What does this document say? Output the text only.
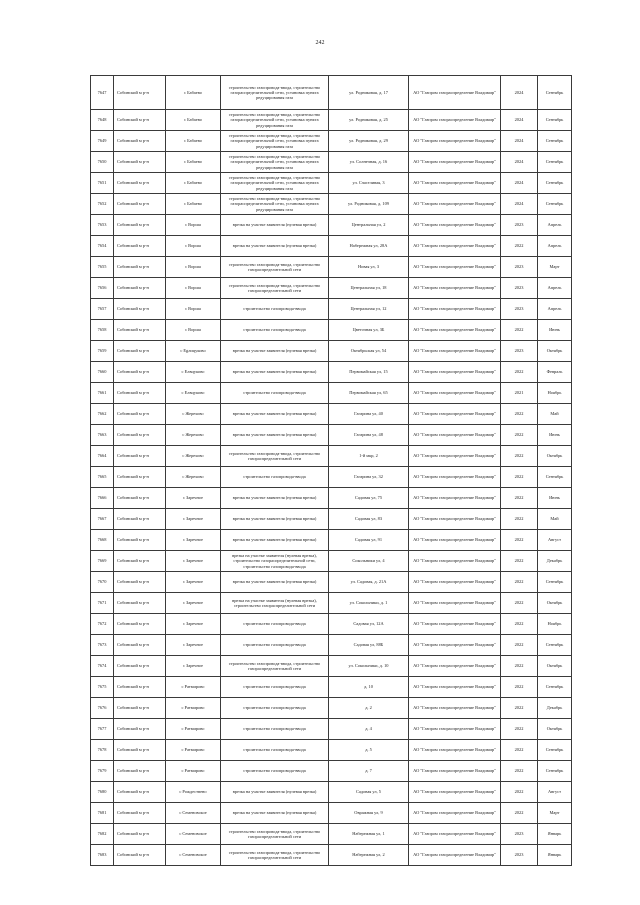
242
7647	Собинский м р-н	с Бабаево	строительство газопровода-ввода, строительство газораспределительной сети, установка пункта редуцирования газа	ул. Родниковая, д. 17	АО "Газпром газораспределение Владимир"	2024	Сентябрь
7648	Собинский м р-н	с Бабаево	строительство газопровода-ввода, строительство газораспределительной сети, установка пункта редуцирования газа	ул. Родниковая, д. 25	АО "Газпром газораспределение Владимир"	2024	Сентябрь
7649	Собинский м р-н	с Бабаево	строительство газопровода-ввода, строительство газораспределительной сети, установка пункта редуцирования газа	ул. Родниковая, д. 29	АО "Газпром газораспределение Владимир"	2024	Сентябрь
7650	Собинский м р-н	с Бабаево	строительство газопровода-ввода, строительство газораспределительной сети, установка пункта редуцирования газа	ул. Солнечная, д. 16	АО "Газпром газораспределение Владимир"	2024	Сентябрь
7651	Собинский м р-н	с Бабаево	строительство газопровода-ввода, строительство газораспределительной сети, установка пункта редуцирования газа	ул. Счастливая, 3	АО "Газпром газораспределение Владимир"	2024	Сентябрь
7652	Собинский м р-н	с Бабаево	строительство газопровода-ввода, строительство газораспределительной сети, установка пункта редуцирования газа	ул. Родниковая, д. 109	АО "Газпром газораспределение Владимир"	2024	Сентябрь
7653	Собинский м р-н	с Ворша	врезка на участке заявителя (нулевая врезка)	Центральная ул, 2	АО "Газпром газораспределение Владимир"	2023	Апрель
7654	Собинский м р-н	с Ворша	врезка на участке заявителя (нулевая врезка)	Набережная ул, 28А	АО "Газпром газораспределение Владимир"	2022	Апрель
7655	Собинский м р-н	с Ворша	строительство газопровода-ввода, строительство газораспределительной сети	Новая ул, 3	АО "Газпром газораспределение Владимир"	2023	Март
7656	Собинский м р-н	с Ворша	строительство газопровода-ввода, строительство газораспределительной сети	Центральная ул, 18	АО "Газпром газораспределение Владимир"	2023	Апрель
7657	Собинский м р-н	с Ворша	строительство газопровода-ввода	Центральная ул, 12	АО "Газпром газораспределение Владимир"	2023	Апрель
7658	Собинский м р-н	с Ворша	строительство газопровода-ввода	Цветочная ул, 3Б	АО "Газпром газораспределение Владимир"	2022	Июнь
7659	Собинский м р-н	с Egлицуково	врезка на участке заявителя (нулевая врезка)	Октябрьская ул, 54	АО "Газпром газораспределение Владимир"	2023	Октябрь
7660	Собинский м р-н	с Елвцуково	врезка на участке заявителя (нулевая врезка)	Первомайская ул, 15	АО "Газпром газораспределение Владимир"	2022	Февраль
7661	Собинский м р-н	с Елвцуково	строительство газопровода-ввода	Первомайская ул, 65	АО "Газпром газораспределение Владимир"	2021	Ноябрь
7662	Собинский м р-н	с Жерехово	врезка на участке заявителя (нулевая врезка)	Гагарина ул, 40	АО "Газпром газораспределение Владимир"	2022	Май
7663	Собинский м р-н	с Жерехово	врезка на участке заявителя (нулевая врезка)	Гагарина ул, 48	АО "Газпром газораспределение Владимир"	2022	Июнь
7664	Собинский м р-н	с Жерехово	строительство газопровода-ввода, строительство газораспределительной сети	1-й мкр, 2	АО "Газпром газораспределение Владимир"	2022	Октябрь
7665	Собинский м р-н	с Жерехово	строительство газопровода-ввода	Гагарина ул, 32	АО "Газпром газораспределение Владимир"	2022	Сентябрь
7666	Собинский м р-н	с Заречное	врезка на участке заявителя (нулевая врезка)	Садовая ул, 75	АО "Газпром газораспределение Владимир"	2022	Июнь
7667	Собинский м р-н	с Заречное	врезка на участке заявителя (нулевая врезка)	Садовая ул, 83	АО "Газпром газораспределение Владимир"	2022	Май
7668	Собинский м р-н	с Заречное	врезка на участке заявителя (нулевая врезка)	Садовая ул, 91	АО "Газпром газораспределение Владимир"	2022	Август
7669	Собинский м р-н	с Заречное	врезка на участке заявителя (нулевая врезка), строительство газораспределительной сети, строительство газопровода-ввода	Сокольники ул, 4	АО "Газпром газораспределение Владимир"	2022	Декабрь
7670	Собинский м р-н	с Заречное	врезка на участке заявителя (нулевая врезка)	ул. Садовая, д. 21А	АО "Газпром газораспределение Владимир"	2022	Сентябрь
7671	Собинский м р-н	с Заречное	врезка на участке заявителя (нулевая врезка), строительство газораспределительной сети	ул. Сокольники, д. 1	АО "Газпром газораспределение Владимир"	2022	Октябрь
7672	Собинский м р-н	с Заречное	строительство газопровода-ввода	Садовая ул, 12А	АО "Газпром газораспределение Владимир"	2022	Ноябрь
7673	Собинский м р-н	с Заречное	строительство газопровода-ввода	Садовая ул, 88Б	АО "Газпром газораспределение Владимир"	2022	Сентябрь
7674	Собинский м р-н	с Заречное	строительство газопровода-ввода, строительство газораспределительной сети	ул. Сокольники, д. 10	АО "Газпром газораспределение Владимир"	2022	Октябрь
7675	Собинский м р-н	с Ратмирово	строительство газопровода-ввода	д. 10	АО "Газпром газораспределение Владимир"	2022	Сентябрь
7676	Собинский м р-н	с Ратмирово	строительство газопровода-ввода	д. 2	АО "Газпром газораспределение Владимир"	2022	Декабрь
7677	Собинский м р-н	с Ратмирово	строительство газопровода-ввода	д. 4	АО "Газпром газораспределение Владимир"	2022	Октябрь
7678	Собинский м р-н	с Ратмирово	строительство газопровода-ввода	д. 5	АО "Газпром газораспределение Владимир"	2022	Сентябрь
7679	Собинский м р-н	с Ратмирово	строительство газопровода-ввода	д. 7	АО "Газпром газораспределение Владимир"	2022	Сентябрь
7680	Собинский м р-н	с Рождествено	врезка на участке заявителя (нулевая врезка)	Садовая ул, 5	АО "Газпром газораспределение Владимир"	2022	Август
7681	Собинский м р-н	с Семеновское	врезка на участке заявителя (нулевая врезка)	Овражная ул, 9	АО "Газпром газораспределение Владимир"	2022	Март
7682	Собинский м р-н	с Семеновское	строительство газопровода-ввода, строительство газораспределительной сети	Набережная ул, 1	АО "Газпром газораспределение Владимир"	2023	Январь
7683	Собинский м р-н	с Семеновское	строительство газопровода-ввода, строительство газораспределительной сети	Набережная ул, 2	АО "Газпром газораспределение Владимир"	2023	Январь
